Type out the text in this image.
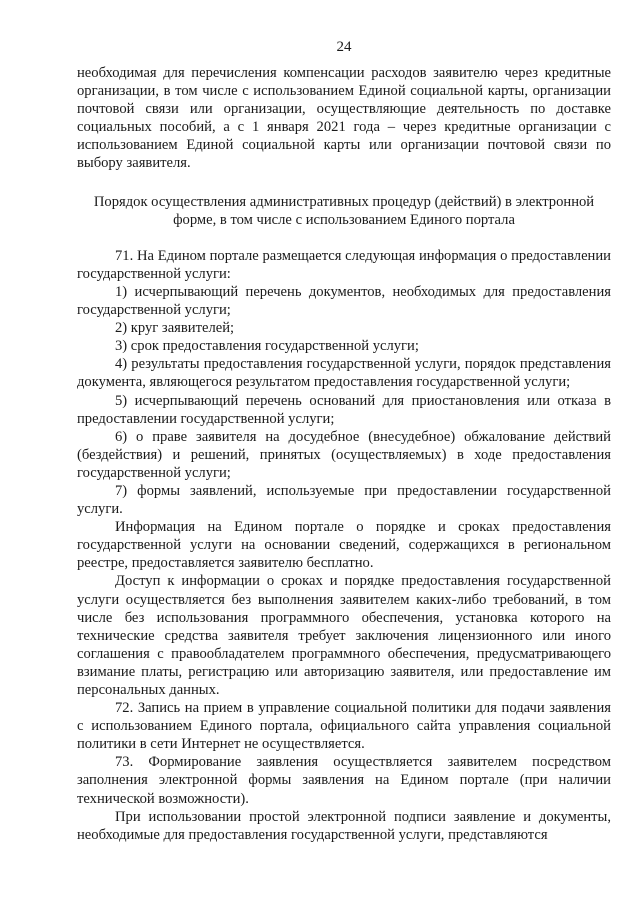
24

необходимая для перечисления компенсации расходов заявителю через кредитные организации, в том числе с использованием Единой социальной карты, организации почтовой связи или организации, осуществляющие деятельность по доставке социальных пособий, а с 1 января 2021 года – через кредитные организации с использованием Единой социальной карты или организации почтовой связи по выбору заявителя.

Порядок осуществления административных процедур (действий) в электронной форме, в том числе с использованием Единого портала

71. На Едином портале размещается следующая информация о предоставлении государственной услуги:

1) исчерпывающий перечень документов, необходимых для предоставления государственной услуги;

2) круг заявителей;

3) срок предоставления государственной услуги;

4) результаты предоставления государственной услуги, порядок представления документа, являющегося результатом предоставления государственной услуги;

5) исчерпывающий перечень оснований для приостановления или отказа в предоставлении государственной услуги;

6) о праве заявителя на досудебное (внесудебное) обжалование действий (бездействия) и решений, принятых (осуществляемых) в ходе предоставления государственной услуги;

7) формы заявлений, используемые при предоставлении государственной услуги.

Информация на Едином портале о порядке и сроках предоставления государственной услуги на основании сведений, содержащихся в региональном реестре, предоставляется заявителю бесплатно.

Доступ к информации о сроках и порядке предоставления государственной услуги осуществляется без выполнения заявителем каких-либо требований, в том числе без использования программного обеспечения, установка которого на технические средства заявителя требует заключения лицензионного или иного соглашения с правообладателем программного обеспечения, предусматривающего взимание платы, регистрацию или авторизацию заявителя, или предоставление им персональных данных.

72. Запись на прием в управление социальной политики для подачи заявления с использованием Единого портала, официального сайта управления социальной политики в сети Интернет не осуществляется.

73. Формирование заявления осуществляется заявителем посредством заполнения электронной формы заявления на Едином портале (при наличии технической возможности).

При использовании простой электронной подписи заявление и документы, необходимые для предоставления государственной услуги, представляются
